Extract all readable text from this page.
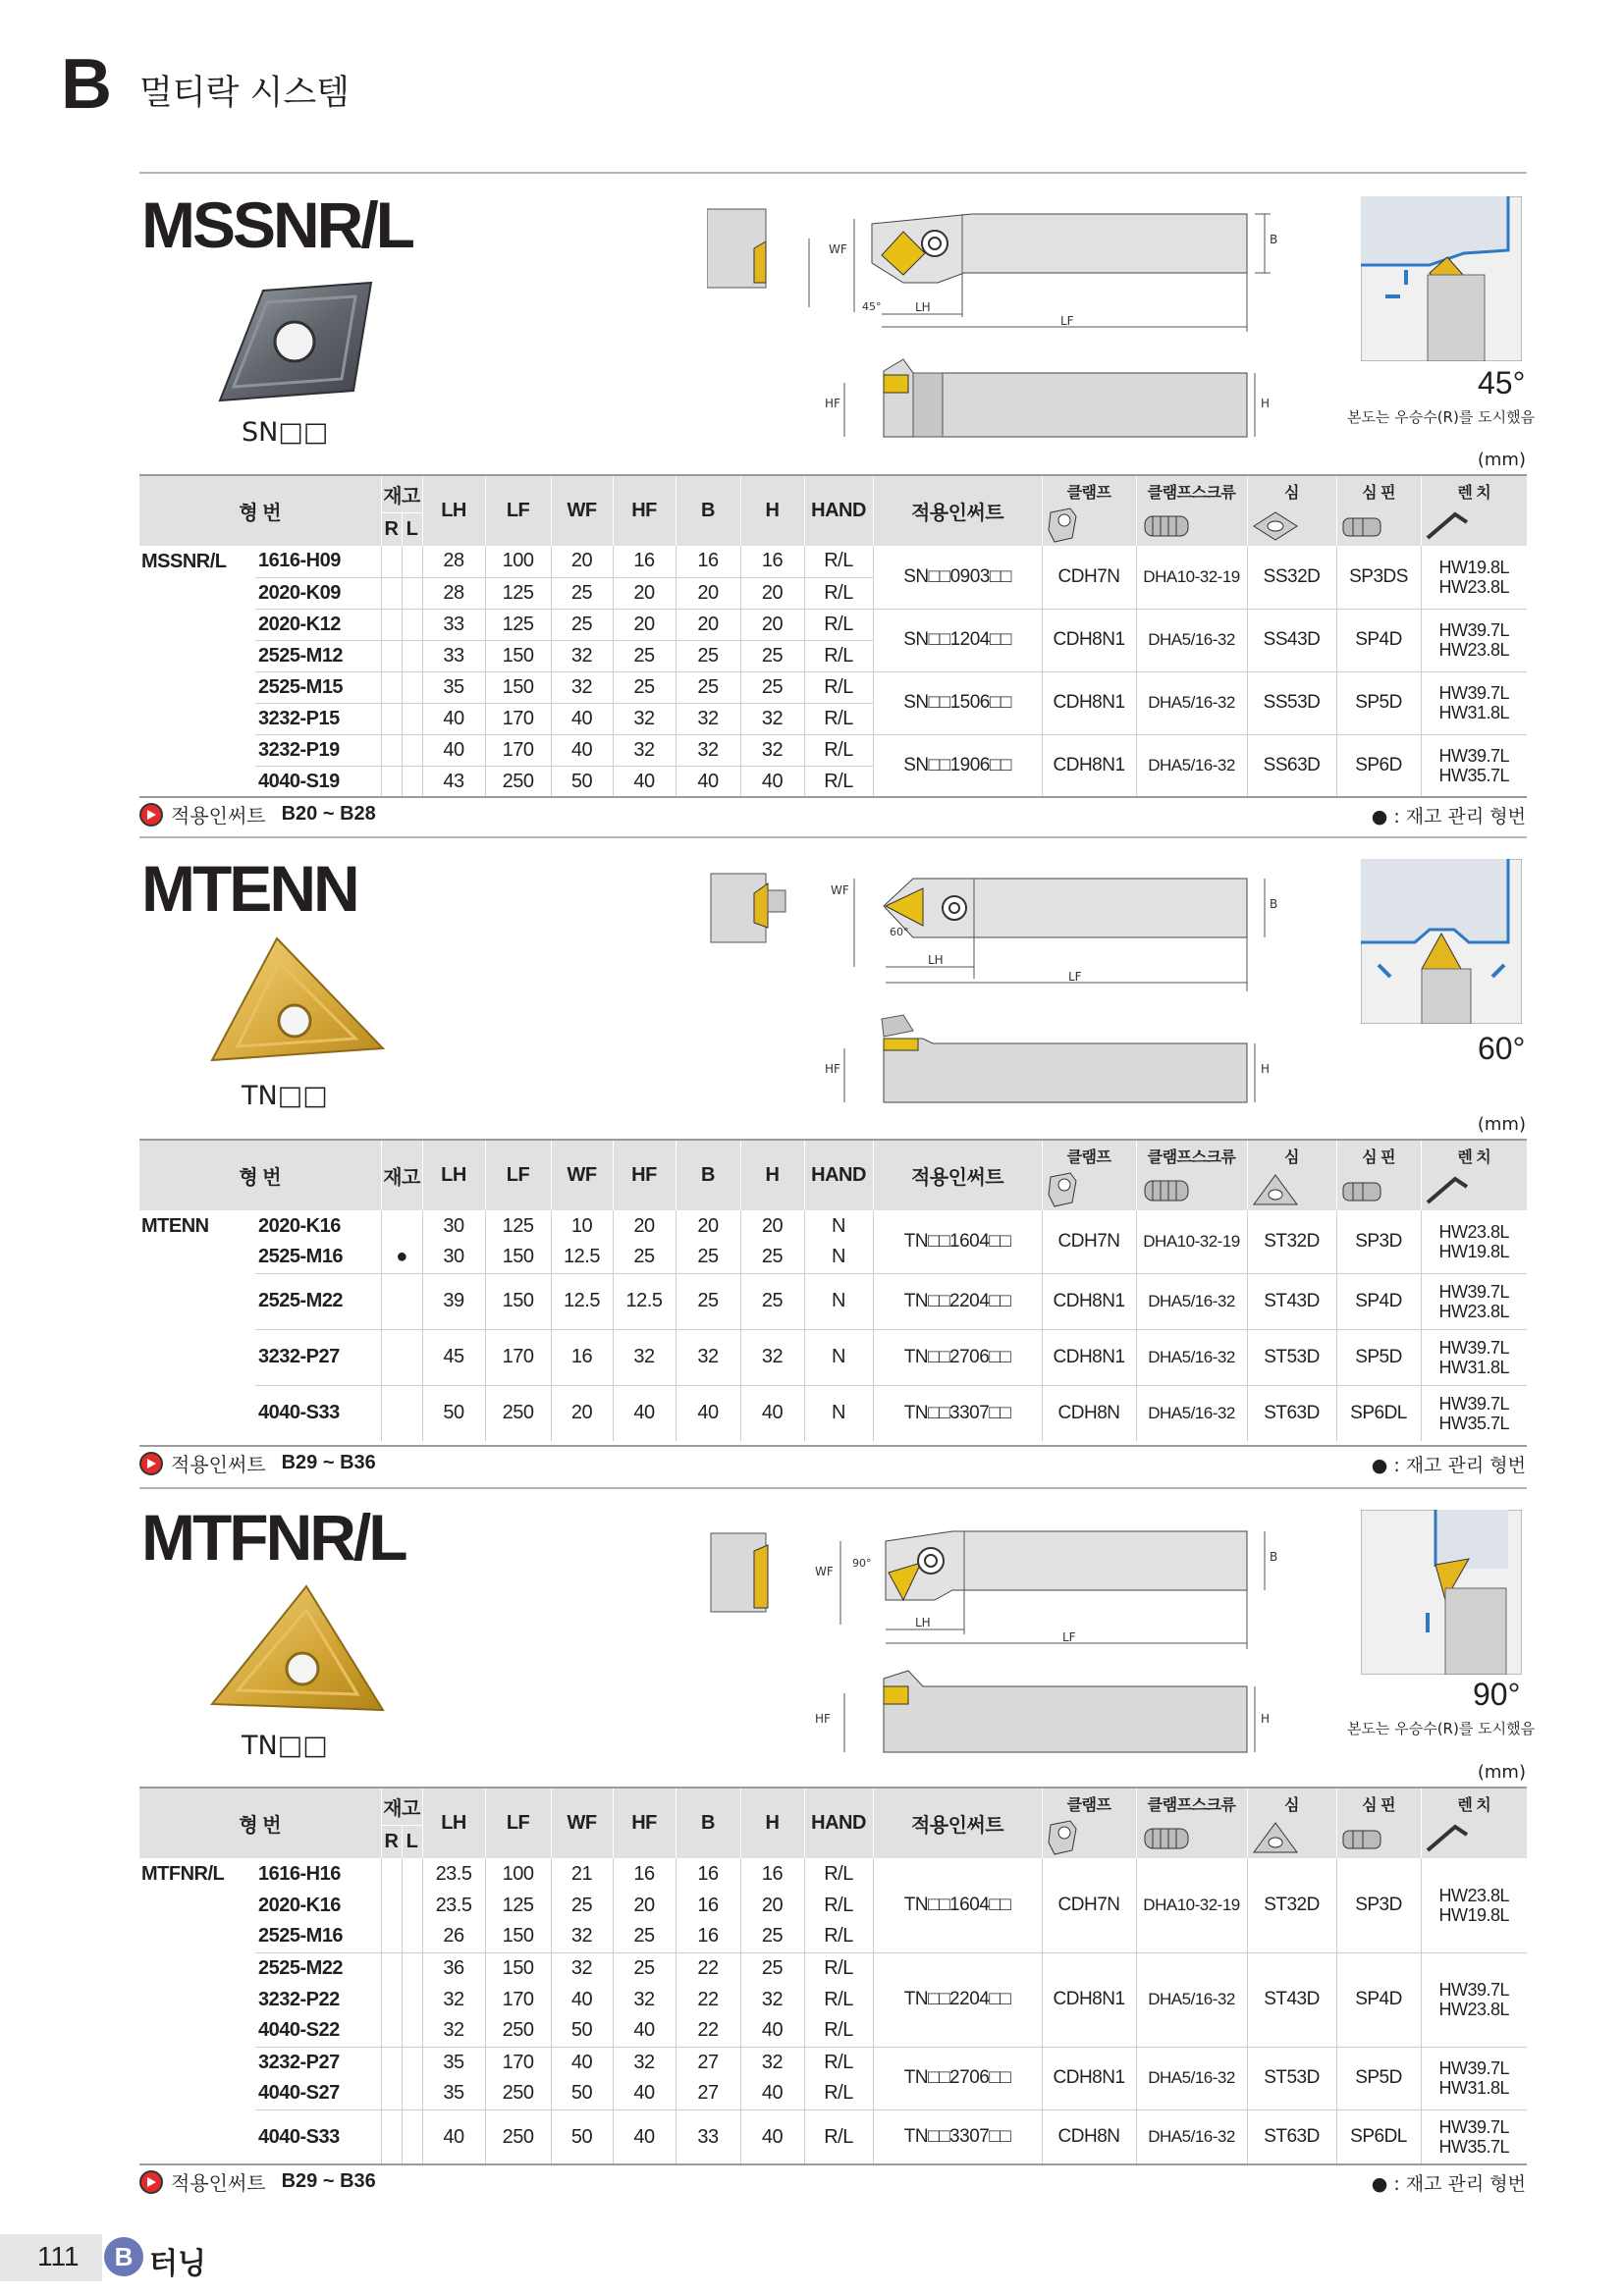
B 멀티락 시스템
MSSNR/L
SN□□
WF
B
45°	LH
LF
HF	H
45°
본도는 우승수(R)를 도시했음
(mm)
형 번		재고		LH	LF	WF	HF	B	H	HAND	적용인써트	클램프	클램프스크류	심	심 핀	렌 치

		R	L													
MSSNR/L	1616-H09			28	100	20	16	16	16	R/L	SN□□0903□□	CDH7N	DHA10-32-19	SS32D	SP3DS	HW19.8L
HW23.8L
	2020-K09			28	125	25	20	20	20	R/L						
	2020-K12			33	125	25	20	20	20	R/L	SN□□1204□□	CDH8N1	DHA5/16-32	SS43D	SP4D	HW39.7L
HW23.8L
	2525-M12			33	150	32	25	25	25	R/L						
	2525-M15			35	150	32	25	25	25	R/L	SN□□1506□□	CDH8N1	DHA5/16-32	SS53D	SP5D	HW39.7L
HW31.8L
	3232-P15			40	170	40	32	32	32	R/L						
	3232-P19			40	170	40	32	32	32	R/L	SN□□1906□□	CDH8N1	DHA5/16-32	SS63D	SP6D	HW39.7L
HW35.7L
	4040-S19			43	250	50	40	40	40	R/L						
적용인써트 B20 ~ B28	● : 재고 관리 형번
MTENN
TN□□
WF
B
60°
LH
LF
HF	H
60°
(mm)
형 번		재고	LH	LF	WF	HF	B	H	HAND	적용인써트	클램프	클램프스크류	심	심 핀	렌 치

MTENN	2020-K16		30	125	10	20	20	20	N	TN□□1604□□	CDH7N	DHA10-32-19	ST32D	SP3D	HW23.8L
HW19.8L
	2525-M16	●	30	150	12.5	25	25	25	N						
	2525-M22		39	150	12.5	12.5	25	25	N	TN□□2204□□	CDH8N1	DHA5/16-32	ST43D	SP4D	HW39.7L
HW23.8L
	3232-P27		45	170	16	32	32	32	N	TN□□2706□□	CDH8N1	DHA5/16-32	ST53D	SP5D	HW39.7L
HW31.8L
	4040-S33		50	250	20	40	40	40	N	TN□□3307□□	CDH8N	DHA5/16-32	ST63D	SP6DL	HW39.7L
HW35.7L
적용인써트 B29 ~ B36	● : 재고 관리 형번
MTFNR/L
TN□□
WF
90°	B
LH
LF
HF	H
90°
본도는 우승수(R)를 도시했음
(mm)
형 번		재고		LH	LF	WF	HF	B	H	HAND	적용인써트	클램프	클램프스크류	심	심 핀	렌 치

		R	L													
MTFNR/L	1616-H16			23.5	100	21	16	16	16	R/L	TN□□1604□□	CDH7N	DHA10-32-19	ST32D	SP3D	HW23.8L
HW19.8L
	2020-K16			23.5	125	25	20	16	20	R/L						
	2525-M16			26	150	32	25	16	25	R/L						
	2525-M22			36	150	32	25	22	25	R/L	TN□□2204□□	CDH8N1	DHA5/16-32	ST43D	SP4D	HW39.7L
HW23.8L
	3232-P22			32	170	40	32	22	32	R/L						
	4040-S22			32	250	50	40	22	40	R/L						
	3232-P27			35	170	40	32	27	32	R/L	TN□□2706□□	CDH8N1	DHA5/16-32	ST53D	SP5D	HW39.7L
HW31.8L
	4040-S27			35	250	50	40	27	40	R/L						
	4040-S33			40	250	50	40	33	40	R/L	TN□□3307□□	CDH8N	DHA5/16-32	ST63D	SP6DL	HW39.7L
HW35.7L
적용인써트 B29 ~ B36	● : 재고 관리 형번
111	B 터닝
